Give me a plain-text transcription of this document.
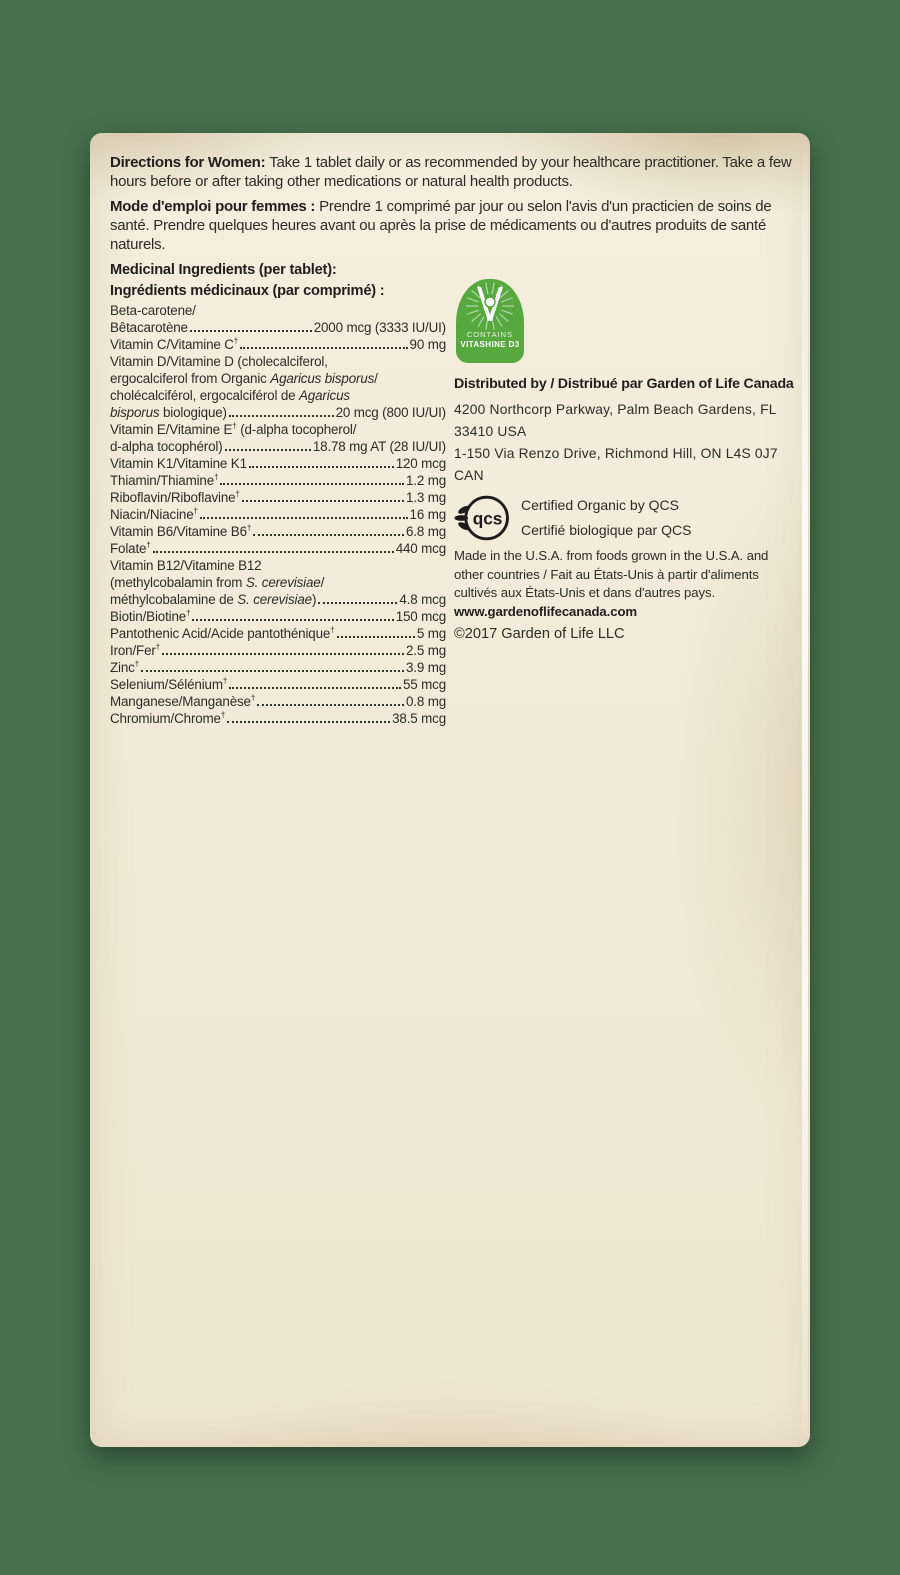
Directions for Women: Take 1 tablet daily or as recommended by your healthcare practitioner. Take a few hours before or after taking other medications or natural health products.

Mode d'emploi pour femmes : Prendre 1 comprimé par jour ou selon l'avis d'un practicien de soins de santé. Prendre quelques heures avant ou après la prise de médicaments ou d'autres produits de santé naturels.

Medicinal Ingredients (per tablet):
Ingrédients médicinaux (par comprimé) :
Beta-carotene/
Bêtacarotène	2000 mcg (3333 IU/UI)
Vitamin C/Vitamine C†	90 mg
Vitamin D/Vitamine D (cholecalciferol,
ergocalciferol from Organic Agaricus bisporus/
cholécalciférol, ergocalciférol de Agaricus
bisporus biologique)	20 mcg (800 IU/UI)
Vitamin E/Vitamine E† (d-alpha tocopherol/
d-alpha tocophérol)	18.78 mg AT (28 IU/UI)
Vitamin K1/Vitamine K1	120 mcg
Thiamin/Thiamine†	1.2 mg
Riboflavin/Riboflavine†	1.3 mg
Niacin/Niacine†	16 mg
Vitamin B6/Vitamine B6†	6.8 mg
Folate†	440 mcg
Vitamin B12/Vitamine B12
(methylcobalamin from S. cerevisiae/
méthylcobalamine de S. cerevisiae)	4.8 mcg
Biotin/Biotine†	150 mcg
Pantothenic Acid/Acide pantothénique†	5 mg
Iron/Fer†	2.5 mg
Zinc†	3.9 mg
Selenium/Sélénium†	55 mcg
Manganese/Manganèse†	0.8 mg
Chromium/Chrome†	38.5 mcg

CONTAINS
VITASHINE D3
Distributed by / Distribué par Garden of Life Canada
4200 Northcorp Parkway, Palm Beach Gardens, FL 33410 USA
1-150 Via Renzo Drive, Richmond Hill, ON L4S 0J7 CAN
qcs
Certified Organic by QCS
Certifié biologique par QCS
Made in the U.S.A. from foods grown in the U.S.A. and other countries / Fait au États-Unis à partir d'aliments cultivés aux États-Unis et dans d'autres pays. www.gardenoflifecanada.com
©2017 Garden of Life LLC
